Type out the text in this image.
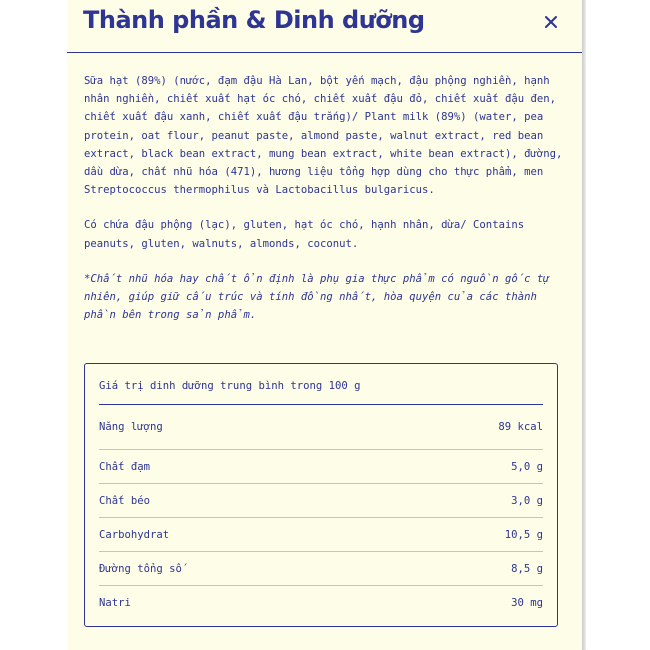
Thành phần & Dinh dưỡng

Sữa hạt (89%) (nước, đạm đậu Hà Lan, bột yến mạch, đậu phộng nghiền, hạnh nhân nghiền, chiết xuất hạt óc chó, chiết xuất đậu đỏ, chiết xuất đậu đen, chiết xuất đậu xanh, chiết xuất đậu trắng)/ Plant milk (89%) (water, pea protein, oat flour, peanut paste, almond paste, walnut extract, red bean extract, black bean extract, mung bean extract, white bean extract), đường, dầu dừa, chất nhũ hóa (471), hương liệu tổng hợp dùng cho thực phẩm, men Streptococcus thermophilus và Lactobacillus bulgaricus.

Có chứa đậu phộng (lạc), gluten, hạt óc chó, hạnh nhân, dừa/ Contains peanuts, gluten, walnuts, almonds, coconut.

*Chất nhũ hóa hay chất ổn định là phụ gia thực phẩm có nguồn gốc tự nhiên, giúp giữ cấu trúc và tính đồng nhất, hòa quyện của các thành phần bên trong sản phẩm.

Giá trị dinh dưỡng trung bình trong 100 g
Năng lượng	89 kcal
Chất đạm	5,0 g
Chất béo	3,0 g
Carbohydrat	10,5 g
Đường tổng số	8,5 g
Natri	30 mg
